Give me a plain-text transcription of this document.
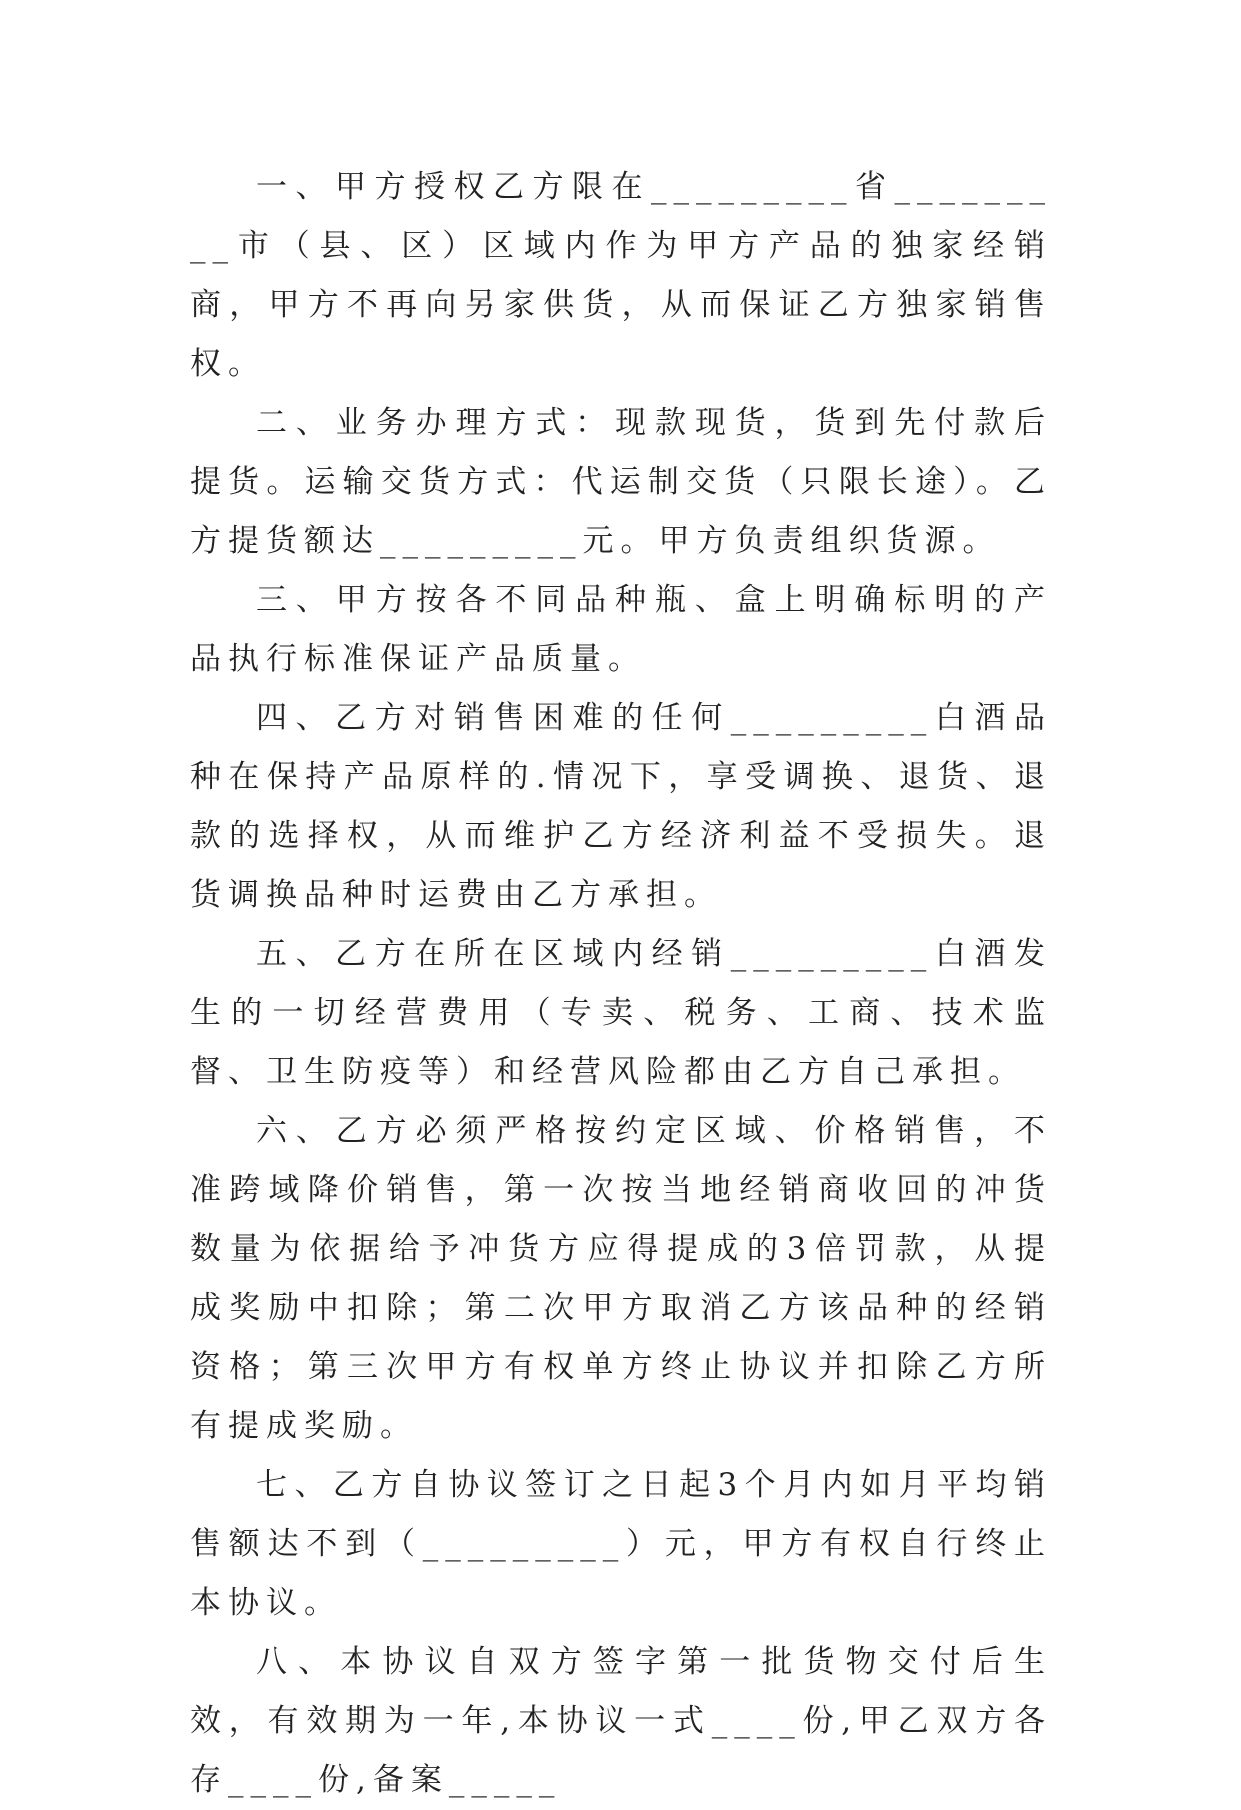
一、甲方授权乙方限在_________省_________市（县、区）区域内作为甲方产品的独家经销商，甲方不再向另家供货，从而保证乙方独家销售权。

二、业务办理方式：现款现货，货到先付款后提货。运输交货方式：代运制交货（只限长途）。乙方提货额达_________元。甲方负责组织货源。

三、甲方按各不同品种瓶、盒上明确标明的产品执行标准保证产品质量。

四、乙方对销售困难的任何_________白酒品种在保持产品原样的.情况下，享受调换、退货、退款的选择权，从而维护乙方经济利益不受损失。退货调换品种时运费由乙方承担。

五、乙方在所在区域内经销_________白酒发生的一切经营费用（专卖、税务、工商、技术监督、卫生防疫等）和经营风险都由乙方自己承担。

六、乙方必须严格按约定区域、价格销售，不准跨域降价销售，第一次按当地经销商收回的冲货数量为依据给予冲货方应得提成的3倍罚款，从提成奖励中扣除；第二次甲方取消乙方该品种的经销资格；第三次甲方有权单方终止协议并扣除乙方所有提成奖励。

七、乙方自协议签订之日起3个月内如月平均销售额达不到（_________）元，甲方有权自行终止本协议。

八、本协议自双方签字第一批货物交付后生效，有效期为一年,本协议一式____份,甲乙双方各存____份,备案_____
